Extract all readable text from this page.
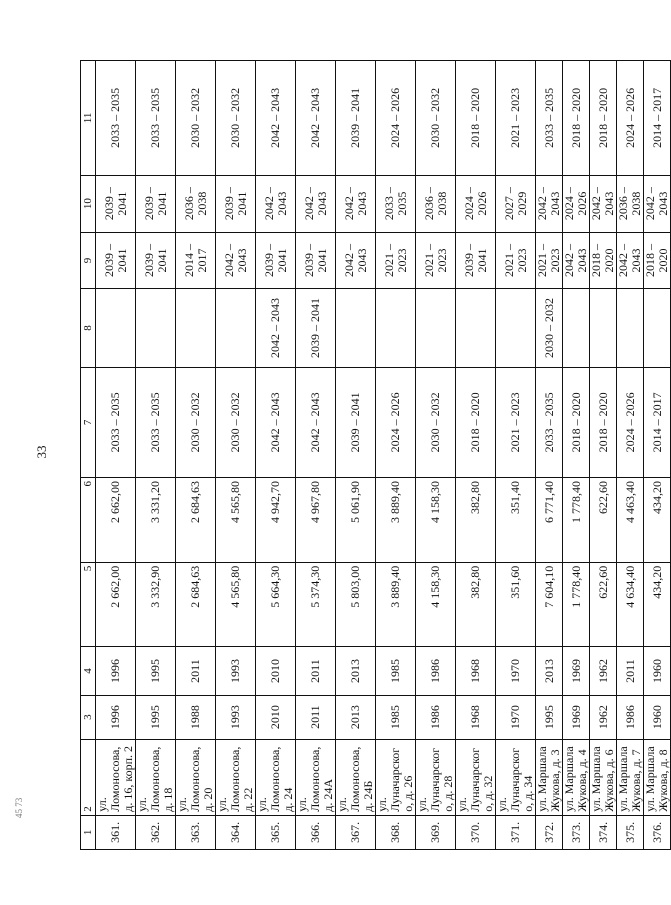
33
45 73
1	2	3	4	5	6	7	8	9	10	11
361.	ул. Ломоносова, д. 16, корп. 2	1996	1996	2 662,00	2 662,00	2033 – 2035		2039 – 2041	2039 – 2041	2033 – 2035
362.	ул. Ломоносова, д. 18	1995	1995	3 332,90	3 331,20	2033 – 2035		2039 – 2041	2039 – 2041	2033 – 2035
363.	ул. Ломоносова, д. 20	1988	2011	2 684,63	2 684,63	2030 – 2032		2014 – 2017	2036 – 2038	2030 – 2032
364.	ул. Ломоносова, д. 22	1993	1993	4 565,80	4 565,80	2030 – 2032		2042 – 2043	2039 – 2041	2030 – 2032
365.	ул. Ломоносова, д. 24	2010	2010	5 664,30	4 942,70	2042 – 2043	2042 – 2043	2039 – 2041	2042 – 2043	2042 – 2043
366.	ул. Ломоносова, д. 24А	2011	2011	5 374,30	4 967,80	2042 – 2043	2039 – 2041	2039 – 2041	2042 – 2043	2042 – 2043
367.	ул. Ломоносова, д. 24Б	2013	2013	5 803,00	5 061,90	2039 – 2041		2042 – 2043	2042 – 2043	2039 – 2041
368.	ул. Луначарского, д. 26	1985	1985	3 889,40	3 889,40	2024 – 2026		2021 – 2023	2033 – 2035	2024 – 2026
369.	ул. Луначарского, д. 28	1986	1986	4 158,30	4 158,30	2030 – 2032		2021 – 2023	2036 – 2038	2030 – 2032
370.	ул. Луначарского, д. 32	1968	1968	382,80	382,80	2018 – 2020		2039 – 2041	2024 – 2026	2018 – 2020
371.	ул. Луначарского, д. 34	1970	1970	351,60	351,40	2021 – 2023		2021 – 2023	2027 – 2029	2021 – 2023
372.	ул. Маршала Жукова, д. 3	1995	2013	7 604,10	6 771,40	2033 – 2035	2030 – 2032	2021 – 2023	2042 – 2043	2033 – 2035
373.	ул. Маршала Жукова, д. 4	1969	1969	1 778,40	1 778,40	2018 – 2020		2042 – 2043	2024 – 2026	2018 – 2020
374.	ул. Маршала Жукова, д. 6	1962	1962	622,60	622,60	2018 – 2020		2018 – 2020	2042 – 2043	2018 – 2020
375.	ул. Маршала Жукова, д. 7	1986	2011	4 634,40	4 463,40	2024 – 2026		2042 – 2043	2036 – 2038	2024 – 2026
376.	ул. Маршала Жукова, д. 8	1960	1960	434,20	434,20	2014 – 2017		2018 – 2020	2042 – 2043	2014 – 2017
